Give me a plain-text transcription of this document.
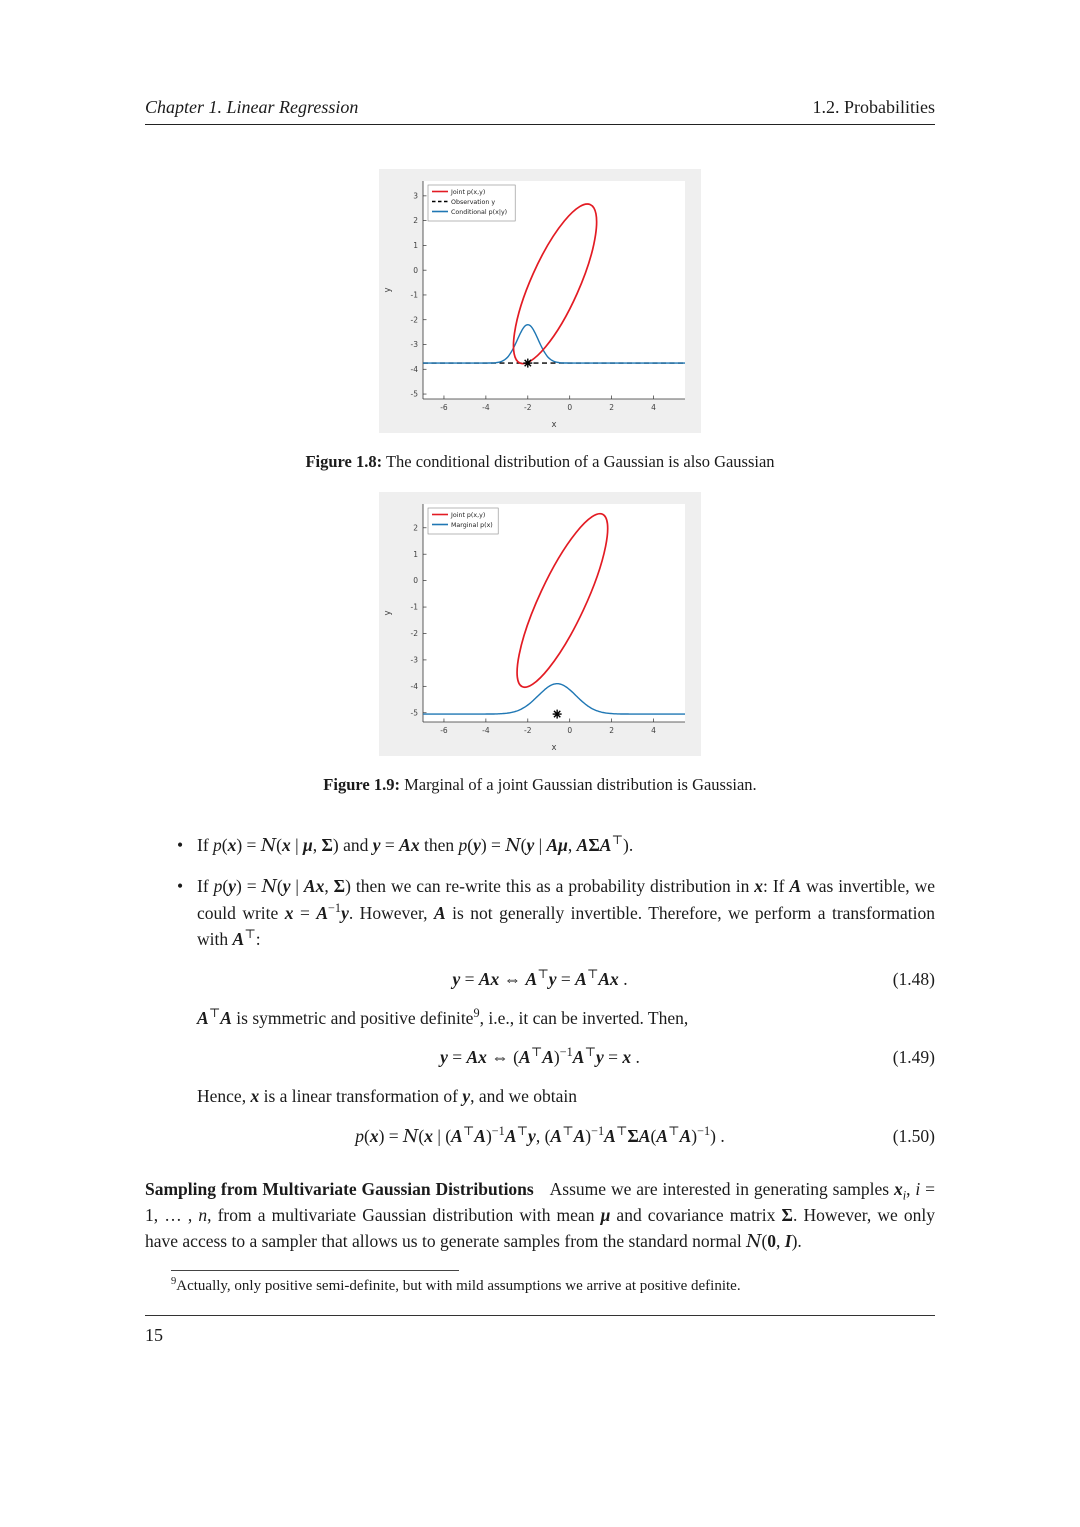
Chapter 1. Linear Regression	1.2. Probabilities
-6	-4	-2	0	2	4
3
2
1
0
-1
-2
-3
-4
-5
x
y
Joint p(x,y)
Observation y
Conditional p(x|y)
Figure 1.8: The conditional distribution of a Gaussian is also Gaussian
-6	-4	-2	0	2	4
2
1
0
-1
-2
-3
-4
-5
x
y
Joint p(x,y)
Marginal p(x)
Figure 1.9: Marginal of a joint Gaussian distribution is Gaussian.
• If p(x) = N(x | μ, Σ) and y = Ax then p(y) = N(y | Aμ, AΣA⊤).
• If p(y) = N(y | Ax, Σ) then we can re-write this as a probability distribution in x: If A was invertible, we could write $x = A^{-1}y$. However, A is not generally invertible. Therefore, we perform a transformation with A⊤:
y = Ax ⇔ A⊤y = A⊤Ax .	(1.48)

A⊤A is symmetric and positive definite$^9$, i.e., it can be inverted. Then,

y = Ax ⇔ $(A^⊤A)^{-1}A^⊤y = x$ .	(1.49)

Hence, x is a linear transformation of y, and we obtain

p(x) = N(x | $(A^⊤A)^{-1}A^⊤y$, $(A^⊤A)^{-1}A^⊤\Sigma A(A^⊤A)^{-1}$) .	(1.50)

Sampling from Multivariate Gaussian Distributions Assume we are interested in generating samples $x_i$, i = 1, … , n, from a multivariate Gaussian distribution with mean μ and covariance matrix Σ. However, we only have access to a sampler that allows us to generate samples from the standard normal N(0, I).

$^9$Actually, only positive semi-definite, but with mild assumptions we arrive at positive definite.

15
